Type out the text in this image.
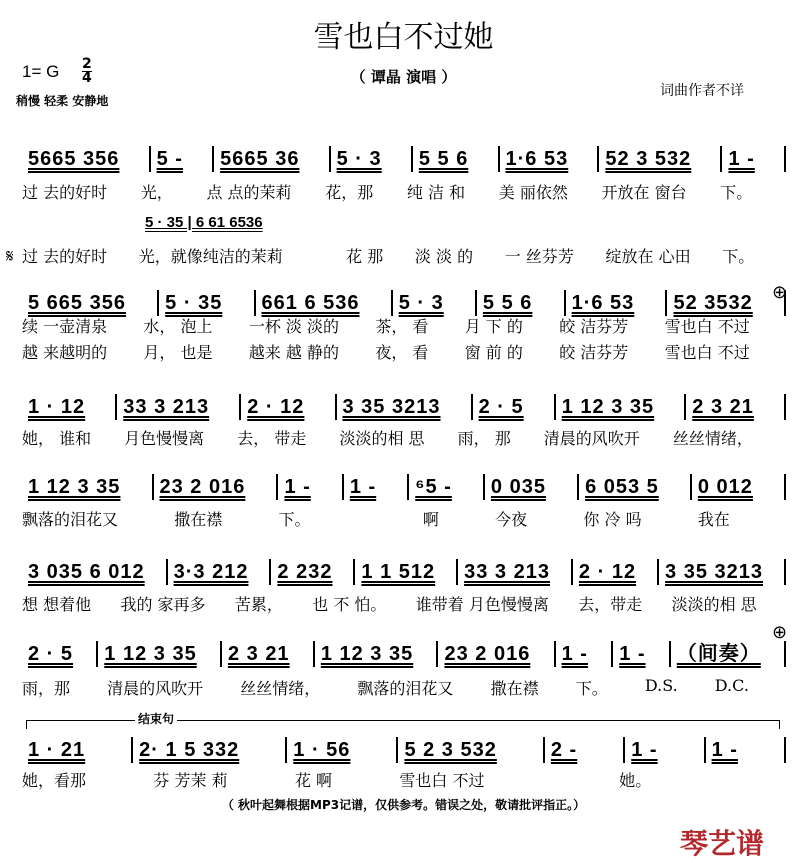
雪也白不过她
1= G 2
4
稍慢 轻柔 安静地
（ 谭晶 演唱 ）
词曲作者不详
5 · 35 | 6 61 6536
𝄋
⊕
⊕
结束句
5665 356	5 -	5665 36	5 · 3	5 5 6	1·6 53	52 3 532	1 -
过 去的好时	光，	点 点的茉莉	花，那	纯 洁 和	美 丽依然	开放在 窗台	下。
过 去的好时	光，就像纯洁的茉莉	花 那	淡 淡 的	一 丝芬芳	绽放在 心田	下。
5 665 356	5 · 35	661 6 536	5 · 3	5 5 6	1·6 53	52 3532
续 一壶清泉	水， 泡上	一杯 淡 淡的	茶， 看	月 下 的	皎 洁芬芳	雪也白 不过
越 来越明的	月， 也是	越来 越 静的	夜， 看	窗 前 的	皎 洁芬芳	雪也白 不过
1 · 12	33 3 213	2 · 12	3 35 3213	2 · 5	1 12 3 35	2 3 21
她， 谁和	月色慢慢离	去， 带走	淡淡的相 思	雨， 那	清晨的风吹开	丝丝情绪，
1 12 3 35	23 2 016	1 -	1 -	⁶5 -	0 035	6 053 5	0 012
飘落的泪花又	撒在襟	下。	啊	今夜	你 冷 吗	我在
3 035 6 012	3·3 212	2 232	1 1 512	33 3 213	2 · 12	3 35 3213
想 想着他	我的 家再多	苦累，	也 不 怕。	谁带着 月色慢慢离	去，带走	淡淡的相 思
2 · 5	1 12 3 35	2 3 21	1 12 3 35	23 2 016	1 -	1 -	（间奏）
雨，那	清晨的风吹开	丝丝情绪，	飘落的泪花又	撒在襟	下。	D.S.	D.C.
1 · 21	2· 1 5 332	1 · 56	5 2 3 532	2 -	1 -	1 -
她，看那	芬 芳茉 莉	花 啊	雪也白 不过	她。
（ 秋叶起舞根据MP3记谱，仅供参考。错误之处，敬请批评指正。）
琴艺谱
